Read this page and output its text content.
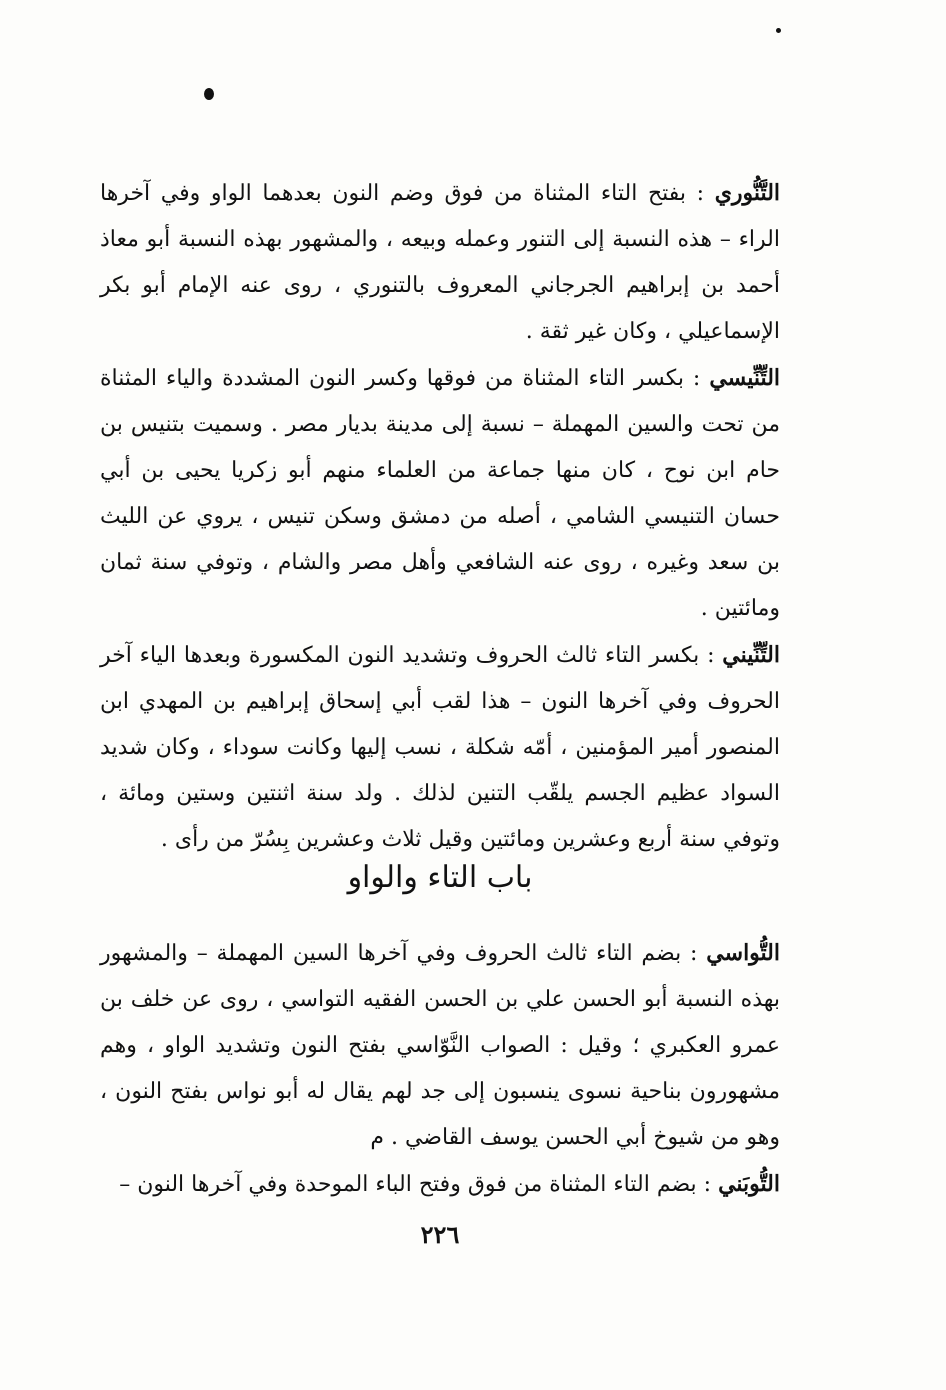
التَّنُّوري : بفتح التاء المثناة من فوق وضم النون بعدهما الواو وفي آخرها الراء – هذه النسبة إلى التنور وعمله وبيعه ، والمشهور بهذه النسبة أبو معاذ أحمد بن إبراهيم الجرجاني المعروف بالتنوري ، روى عنه الإمام أبو بكر الإسماعيلي ، وكان غير ثقة .

التِّنِّيسي : بكسر التاء المثناة من فوقها وكسر النون المشددة والياء المثناة من تحت والسين المهملة – نسبة إلى مدينة بديار مصر . وسميت بتنيس بن حام ابن نوح ، كان منها جماعة من العلماء منهم أبو زكريا يحيى بن أبي حسان التنيسي الشامي ، أصله من دمشق وسكن تنيس ، يروي عن الليث بن سعد وغيره ، روى عنه الشافعي وأهل مصر والشام ، وتوفي سنة ثمان ومائتين .

التِّنِّيني : بكسر التاء ثالث الحروف وتشديد النون المكسورة وبعدها الياء آخر الحروف وفي آخرها النون – هذا لقب أبي إسحاق إبراهيم بن المهدي ابن المنصور أمير المؤمنين ، أمّه شكلة ، نسب إليها وكانت سوداء ، وكان شديد السواد عظيم الجسم يلقّب التنين لذلك . ولد سنة اثنتين وستين ومائة ، وتوفي سنة أربع وعشرين ومائتين وقيل ثلاث وعشرين بِسُرّ من رأى .

باب التاء والواو

التُّواسي : بضم التاء ثالث الحروف وفي آخرها السين المهملة – والمشهور بهذه النسبة أبو الحسن علي بن الحسن الفقيه التواسي ، روى عن خلف بن عمرو العكبري ؛ وقيل : الصواب النَّوّاسي بفتح النون وتشديد الواو ، وهم مشهورون بناحية نسوى ينسبون إلى جد لهم يقال له أبو نواس بفتح النون ، وهو من شيوخ أبي الحسن يوسف القاضي . م

التُّوبَني : بضم التاء المثناة من فوق وفتح الباء الموحدة وفي آخرها النون –

٢٢٦
